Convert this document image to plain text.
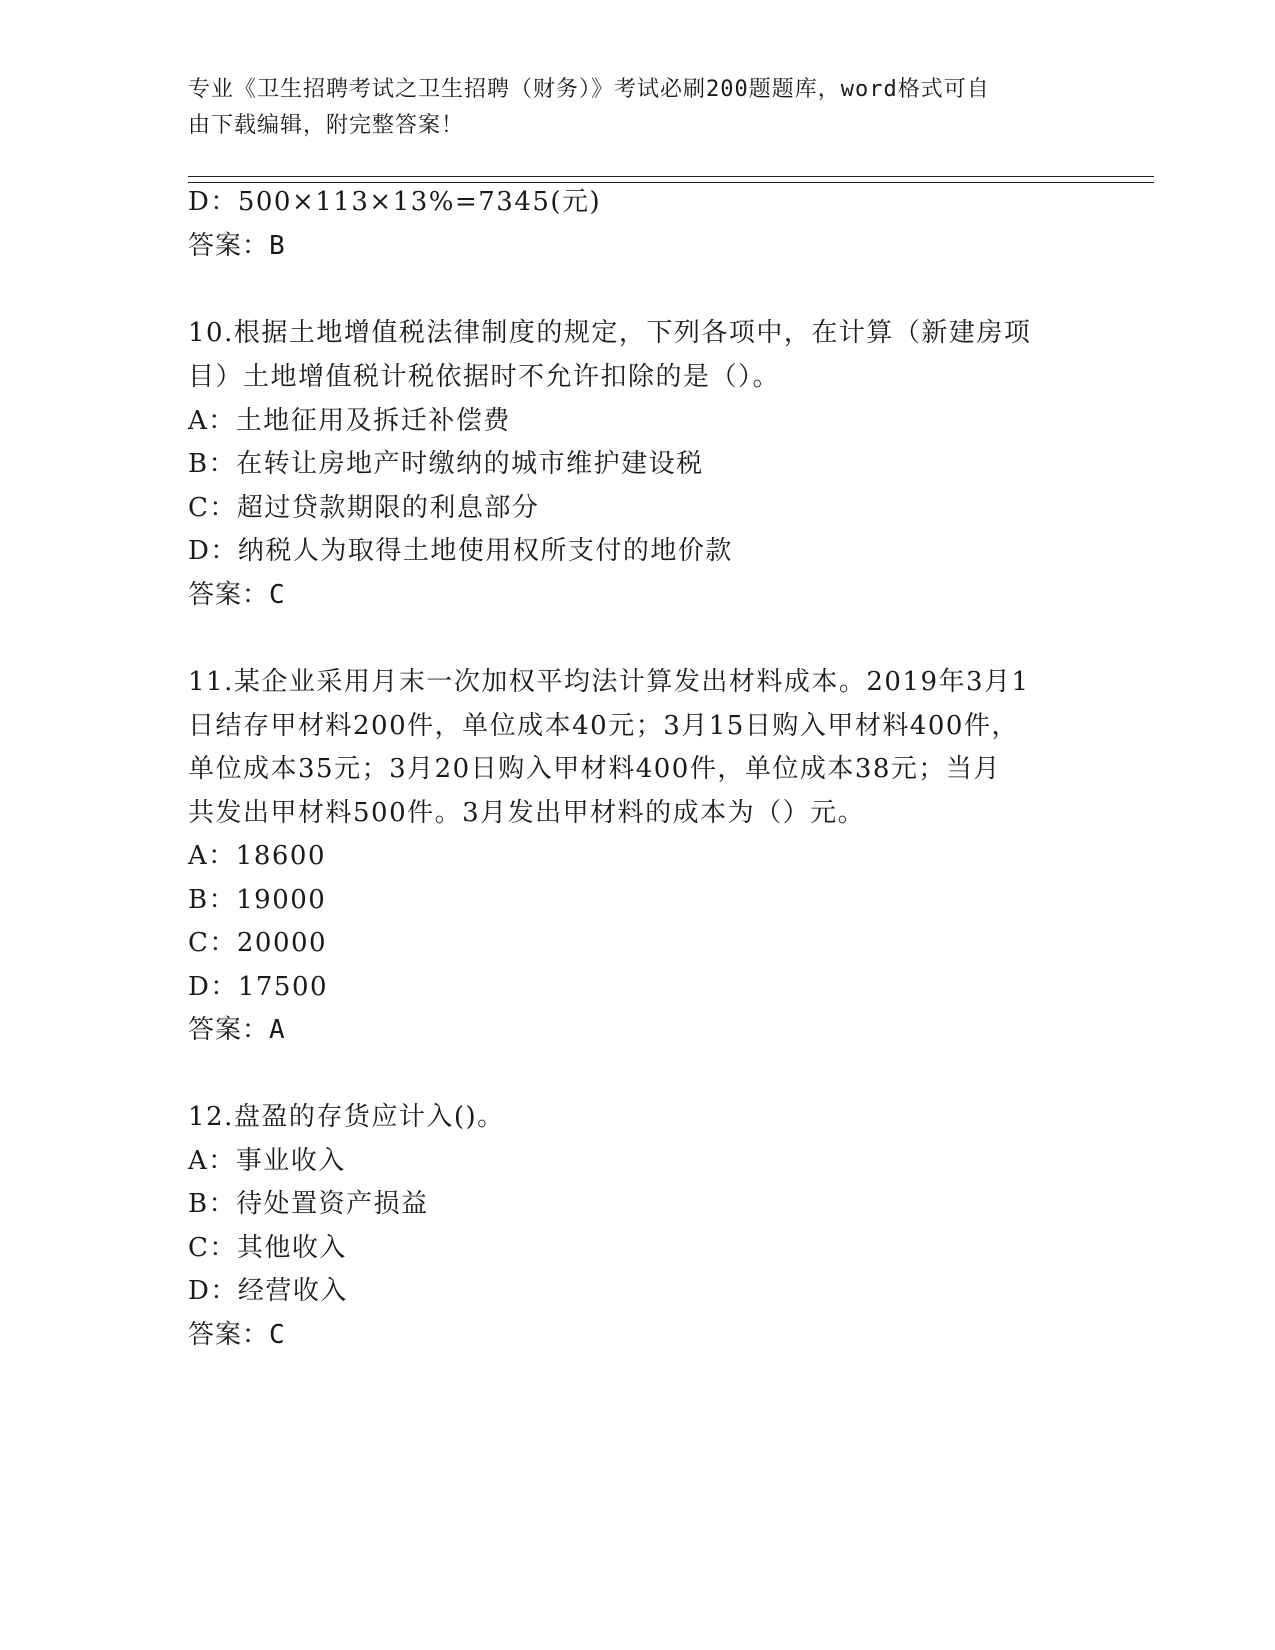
专业《卫生招聘考试之卫生招聘（财务）》考试必刷200题题库，word格式可自
由下载编辑，附完整答案！
D：500×113×13%=7345(元)
答案：B
10.根据土地增值税法律制度的规定，下列各项中，在计算（新建房项
目）土地增值税计税依据时不允许扣除的是（）。
A：土地征用及拆迁补偿费
B：在转让房地产时缴纳的城市维护建设税
C：超过贷款期限的利息部分
D：纳税人为取得土地使用权所支付的地价款
答案：C
11.某企业采用月末一次加权平均法计算发出材料成本。2019年3月1
日结存甲材料200件，单位成本40元；3月15日购入甲材料400件，
单位成本35元；3月20日购入甲材料400件，单位成本38元；当月
共发出甲材料500件。3月发出甲材料的成本为（）元。
A：18600
B：19000
C：20000
D：17500
答案：A
12.盘盈的存货应计入()。
A：事业收入
B：待处置资产损益
C：其他收入
D：经营收入
答案：C
